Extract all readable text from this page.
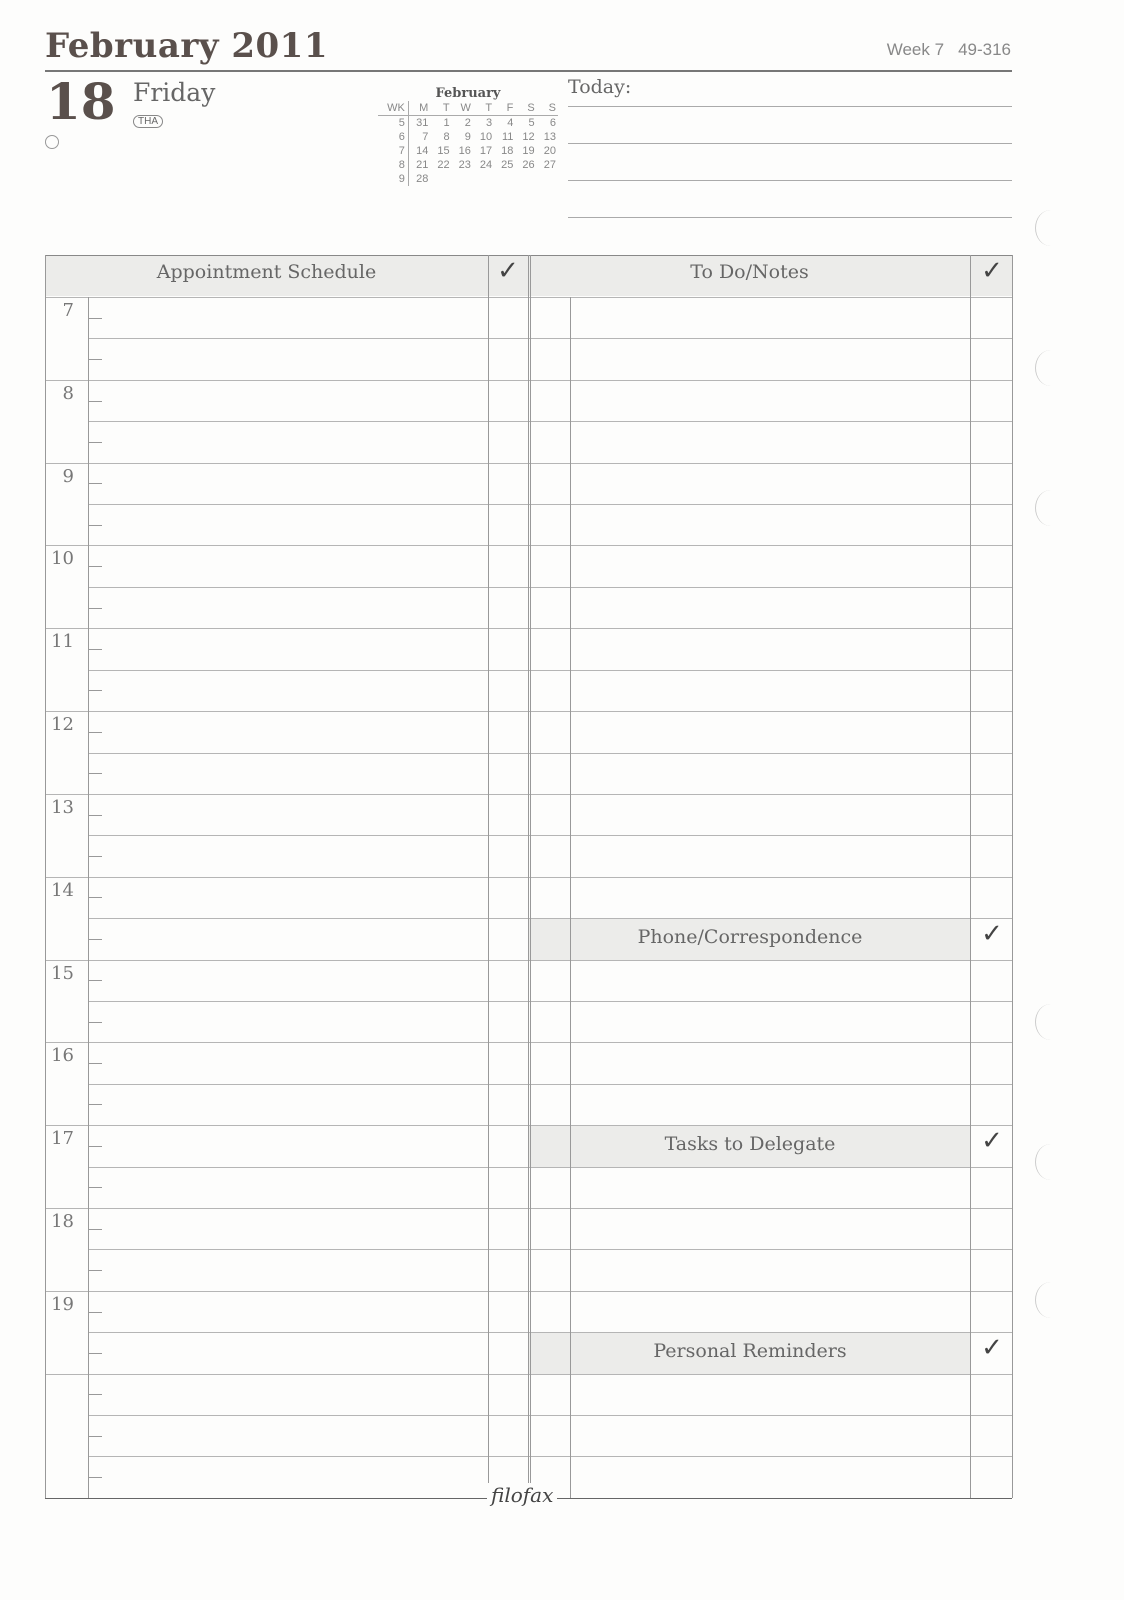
February 2011	Week 7 49-316
18 Friday
THA
February
WK	M	T	W	T	F	S	S
5	31	1	2	3	4	5	6
6	7	8	9	10	11	12	13
7	14	15	16	17	18	19	20
8	21	22	23	24	25	26	27
9	28						
Today:
Appointment Schedule	✓	To Do/Notes	✓
filofax
Phone/Correspondence	✓
Tasks to Delegate	✓
Personal Reminders	✓
7
8
9
10
11
12
13
14
15
16
17
18
19
